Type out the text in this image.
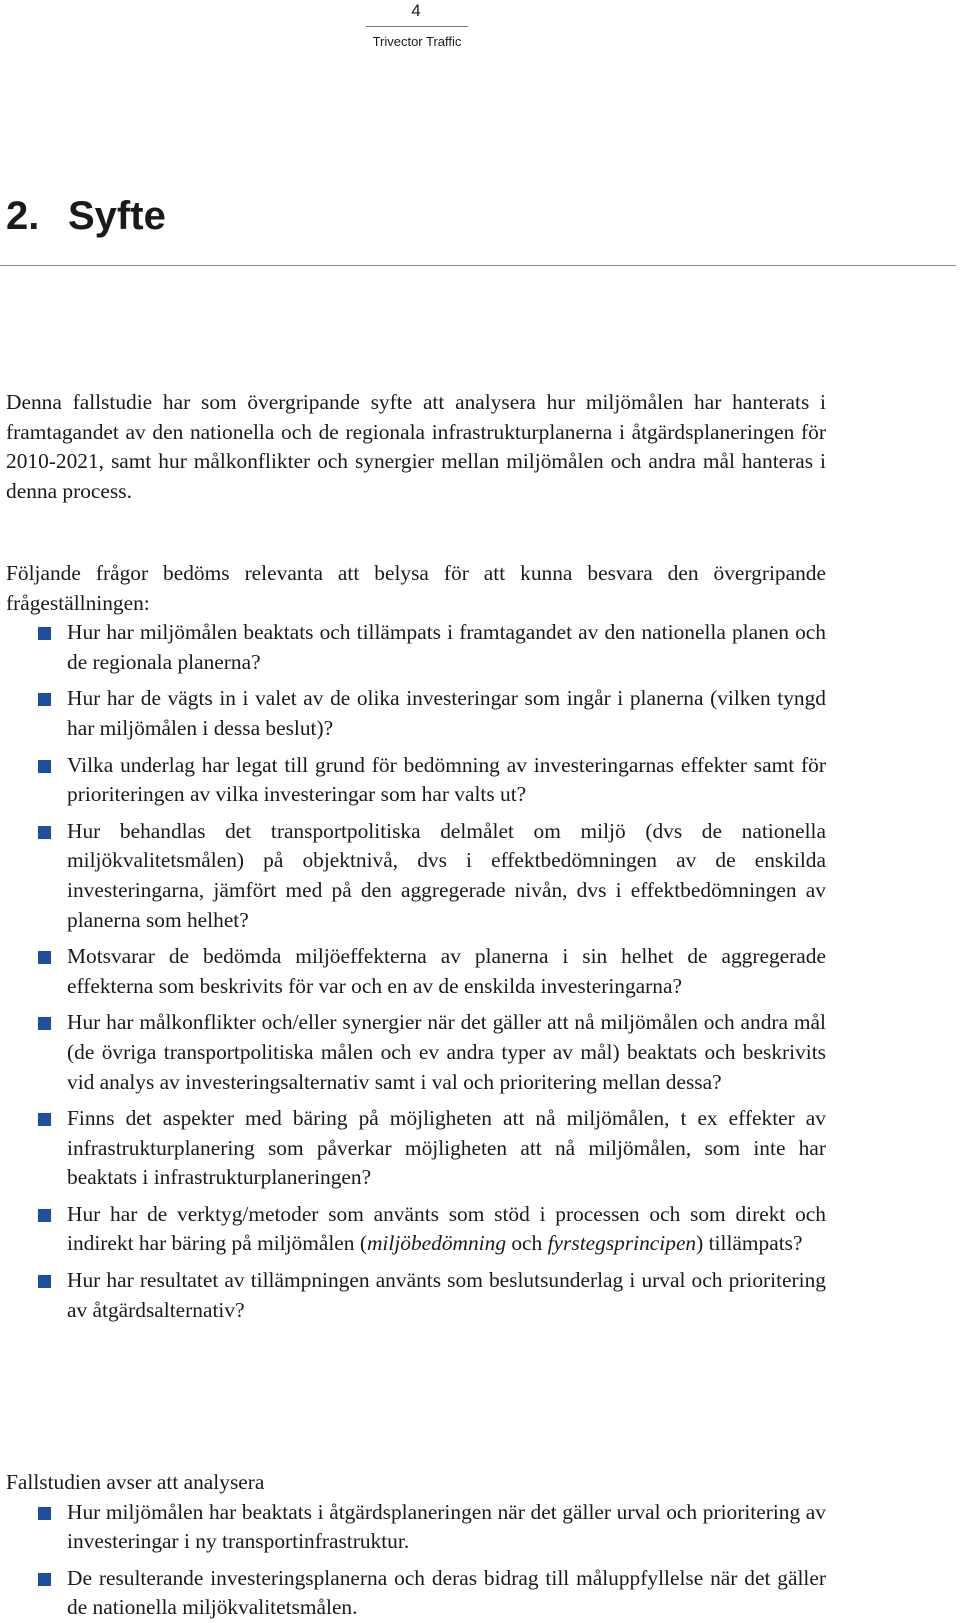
4
Trivector Traffic
2. Syfte

Denna fallstudie har som övergripande syfte att analysera hur miljömålen har hanterats i framtagandet av den nationella och de regionala infrastrukturplanerna i åtgärdsplaneringen för 2010-2021, samt hur målkonflikter och synergier mellan miljömålen och andra mål hanteras i denna process.

Följande frågor bedöms relevanta att belysa för att kunna besvara den övergripande frågeställningen:

Hur har miljömålen beaktats och tillämpats i framtagandet av den nationella planen och de regionala planerna?
Hur har de vägts in i valet av de olika investeringar som ingår i planerna (vilken tyngd har miljömålen i dessa beslut)?
Vilka underlag har legat till grund för bedömning av investeringarnas effekter samt för prioriteringen av vilka investeringar som har valts ut?
Hur behandlas det transportpolitiska delmålet om miljö (dvs de nationella miljökvalitetsmålen) på objektnivå, dvs i effektbedömningen av de enskilda investeringarna, jämfört med på den aggregerade nivån, dvs i effektbedömningen av planerna som helhet?
Motsvarar de bedömda miljöeffekterna av planerna i sin helhet de aggregerade effekterna som beskrivits för var och en av de enskilda investeringarna?
Hur har målkonflikter och/eller synergier när det gäller att nå miljömålen och andra mål (de övriga transportpolitiska målen och ev andra typer av mål) beaktats och beskrivits vid analys av investeringsalternativ samt i val och prioritering mellan dessa?
Finns det aspekter med bäring på möjligheten att nå miljömålen, t ex effekter av infrastrukturplanering som påverkar möjligheten att nå miljömålen, som inte har beaktats i infrastrukturplaneringen?
Hur har de verktyg/metoder som använts som stöd i processen och som direkt och indirekt har bäring på miljömålen (miljöbedömning och fyrstegsprincipen) tillämpats?
Hur har resultatet av tillämpningen använts som beslutsunderlag i urval och prioritering av åtgärdsalternativ?

Fallstudien avser att analysera

Hur miljömålen har beaktats i åtgärdsplaneringen när det gäller urval och prioritering av investeringar i ny transportinfrastruktur.
De resulterande investeringsplanerna och deras bidrag till måluppfyllelse när det gäller de nationella miljökvalitetsmålen.
